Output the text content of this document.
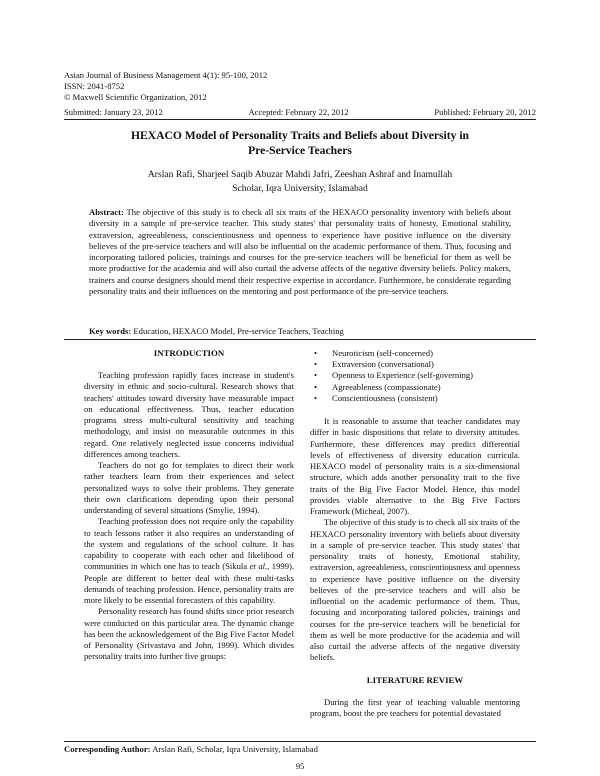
Asian Journal of Business Management 4(1): 95-100, 2012
ISSN: 2041-8752
© Maxwell Scientific Organization, 2012
Submitted: January 23, 2012	Accepted: February 22, 2012	Published: February 20, 2012
HEXACO Model of Personality Traits and Beliefs about Diversity in
Pre-Service Teachers
Arslan Rafi, Sharjeel Saqib Abuzar Mahdi Jafri, Zeeshan Ashraf and Inamullah
Scholar, Iqra University, Islamabad
Abstract: The objective of this study is to check all six traits of the HEXACO personality inventory with beliefs about diversity in a sample of pre-service teacher. This study states' that personality traits of honesty, Emotional stability, extraversion, agreeableness, conscientiousness and openness to experience have positive influence on the diversity believes of the pre-service teachers and will also be influential on the academic performance of them. Thus, focusing and incorporating tailored policies, trainings and courses for the pre-service teachers will be beneficial for them as well be more productive for the academia and will also curtail the adverse affects of the negative diversity beliefs. Policy makers, trainers and course designers should mend their respective expertise in accordance. Furthermore, be considerate regarding personality traits and their influences on the mentoring and post performance of the pre-service teachers.
Key words: Education, HEXACO Model, Pre-service Teachers, Teaching
INTRODUCTION

Teaching profession rapidly faces increase in student's diversity in ethnic and socio-cultural. Research shows that teachers' attitudes toward diversity have measurable impact on educational effectiveness. Thus, teacher education programs stress multi-cultural sensitivity and teaching methodology, and insist on measurable outcomes in this regard. One relatively neglected issue concerns individual differences among teachers.

Teachers do not go for templates to direct their work rather teachers learn from their experiences and select personalized ways to solve their problems. They generate their own clarifications depending upon their personal understanding of several situations (Smylie, 1994).

Teaching profession does not require only the capability to teach lessons rather it also requires an understanding of the system and regulations of the school culture. It has capability to cooperate with each other and likelihood of communities in which one has to teach (Sikula et al., 1999). People are different to better deal with these multi-tasks demands of teaching profession. Hence, personality traits are more likely to be essential forecasters of this capability.

Personality research has found shifts since prior research were conducted on this particular area. The dynamic change has been the acknowledgement of the Big Five Factor Model of Personality (Srivastava and John, 1999). Which divides personality traits into further five groups:

• Neuroticism (self-concerned)
• Extraversion (conversational)
• Openness to Experience (self-governing)
• Agreeableness (compassionate)
• Conscientiousness (consistent)

It is reasonable to assume that teacher candidates may differ in basic dispositions that relate to diversity attitudes. Furthermore, these differences may predict differential levels of effectiveness of diversity education curricula. HEXACO model of personality traits is a six-dimensional structure, which adds another personality trait to the five traits of the Big Five Factor Model. Hence, this model provides viable alternative to the Big Five Factors Framework (Micheal, 2007).

The objective of this study is to check all six traits of the HEXACO personality inventory with beliefs about diversity in a sample of pre-service teacher. This study states' that personality traits of honesty, Emotional stability, extraversion, agreeableness, conscientiousness and openness to experience have positive influence on the diversity believes of the pre-service teachers and will also be influential on the academic performance of them. Thus, focusing and incorporating tailored policies, trainings and courses for the pre-service teachers will be beneficial for them as well be more productive for the academia and will also curtail the adverse affects of the negative diversity beliefs.

LITERATURE REVIEW

During the first year of teaching valuable mentoring program, boost the pre teachers for potential devastated

Corresponding Author: Arslan Rafi, Scholar, Iqra University, Islamabad
95
